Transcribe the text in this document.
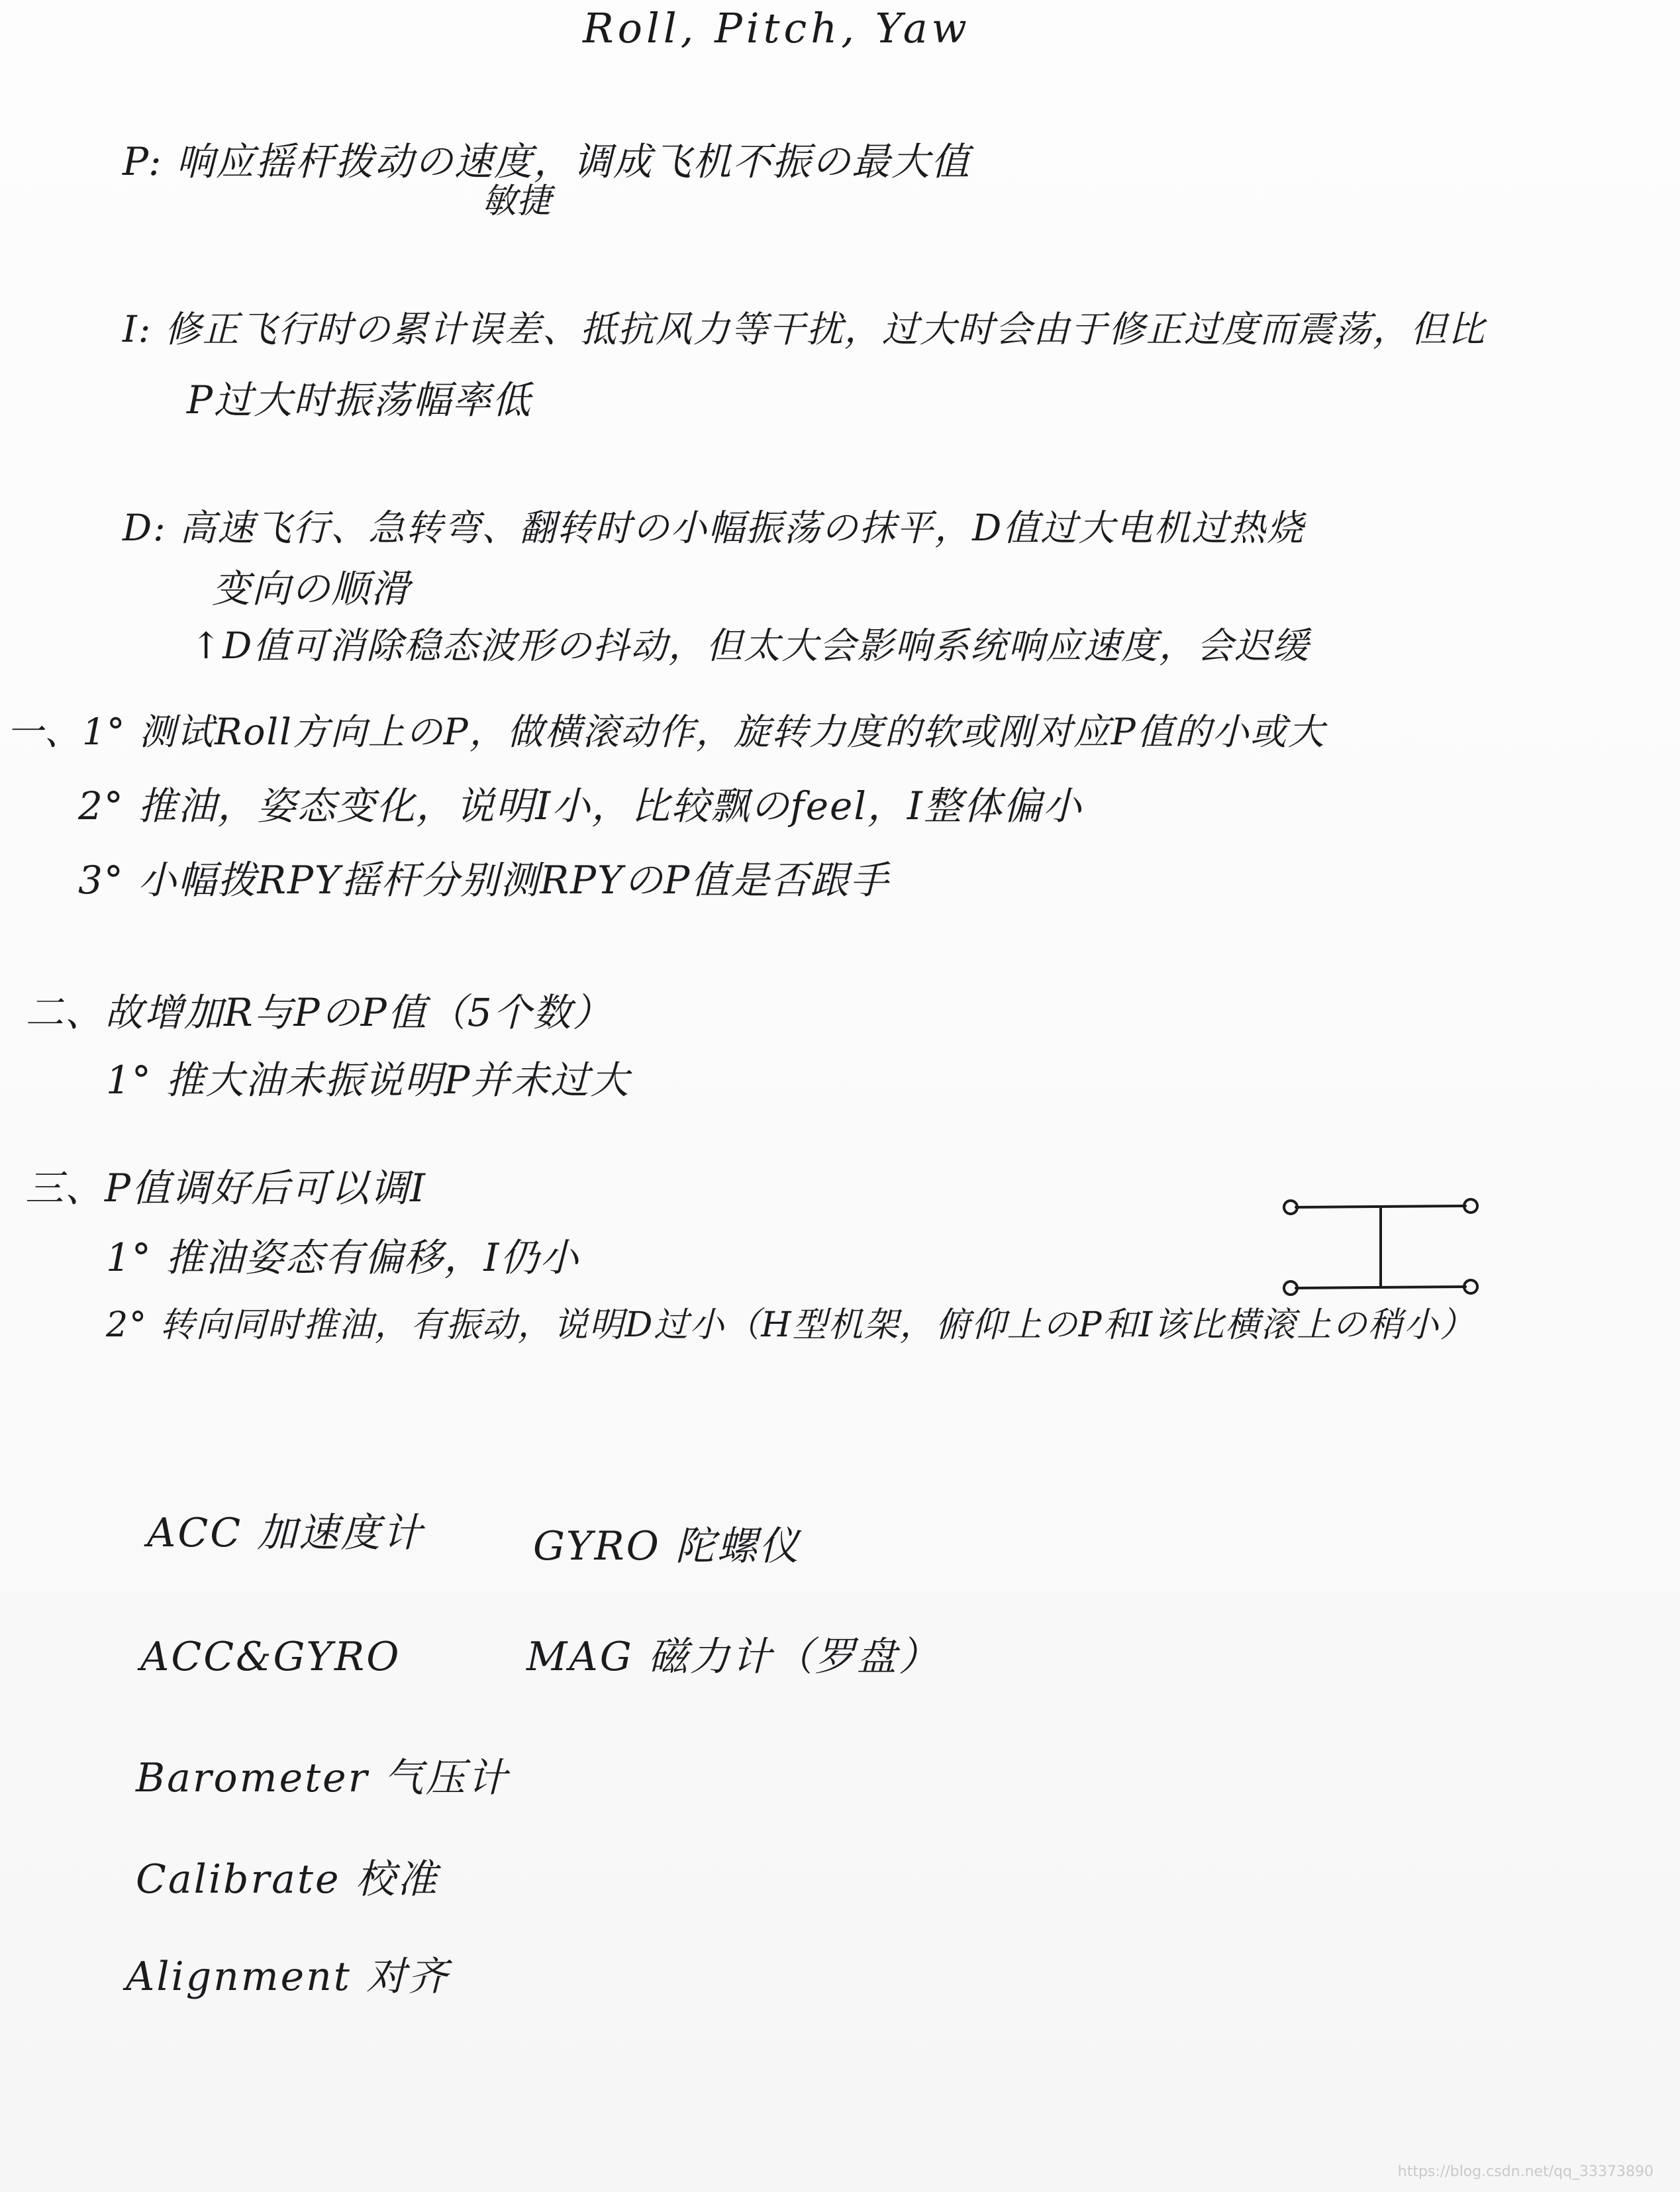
Roll, Pitch, Yaw
P: 响应摇杆拨动の速度，调成飞机不振の最大值
敏捷
I: 修正飞行时の累计误差、抵抗风力等干扰，过大时会由于修正过度而震荡，但比
P过大时振荡幅率低
D: 高速飞行、急转弯、翻转时の小幅振荡の抹平，D值过大电机过热烧
变向の顺滑
↑D值可消除稳态波形の抖动，但太大会影响系统响应速度，会迟缓
一、1° 测试Roll方向上のP，做横滚动作，旋转力度的软或刚对应P值的小或大
2° 推油，姿态变化，说明I小，比较飘のfeel，I整体偏小
3° 小幅拨RPY摇杆分别测RPYのP值是否跟手
二、故增加R与PのP值（5个数）
1° 推大油未振说明P并未过大
三、P值调好后可以调I
1° 推油姿态有偏移，I仍小
2° 转向同时推油，有振动，说明D过小（H型机架，俯仰上のP和I该比横滚上の稍小）
ACC 加速度计	GYRO 陀螺仪
ACC&GYRO	MAG 磁力计（罗盘）
Barometer 气压计
Calibrate 校准
Alignment 对齐
https://blog.csdn.net/qq_33373890
